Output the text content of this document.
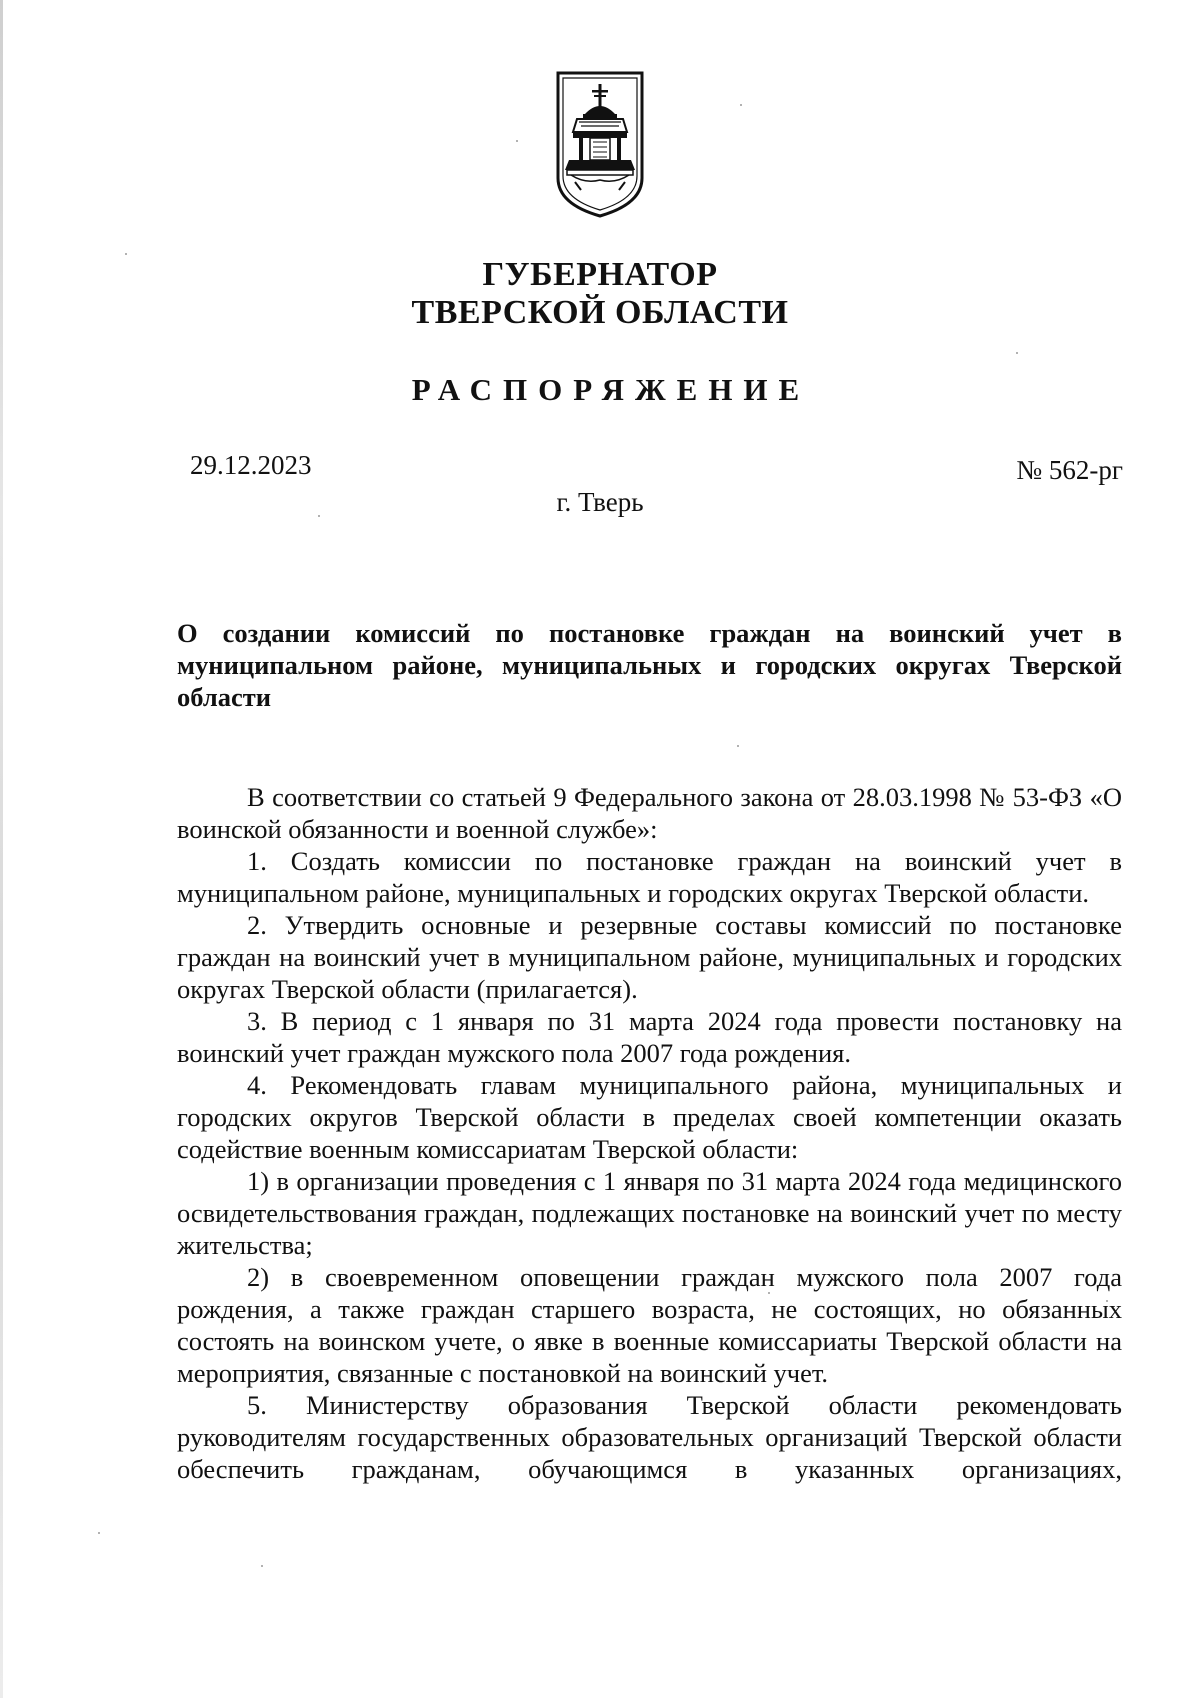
ГУБЕРНАТОР
ТВЕРСКОЙ ОБЛАСТИ
РАСПОРЯЖЕНИЕ
29.12.2023	№ 562-рг
г. Тверь
О создании комиссий по постановке граждан на воинский учет в муниципальном районе, муниципальных и городских округах Тверской области

В соответствии со статьей 9 Федерального закона от 28.03.1998 № 53-ФЗ «О воинской обязанности и военной службе»:

1. Создать комиссии по постановке граждан на воинский учет в муниципальном районе, муниципальных и городских округах Тверской области.

2. Утвердить основные и резервные составы комиссий по постановке граждан на воинский учет в муниципальном районе, муниципальных и городских округах Тверской области (прилагается).

3. В период с 1 января по 31 марта 2024 года провести постановку на воинский учет граждан мужского пола 2007 года рождения.

4. Рекомендовать главам муниципального района, муниципальных и городских округов Тверской области в пределах своей компетенции оказать содействие военным комиссариатам Тверской области:

1) в организации проведения с 1 января по 31 марта 2024 года медицинского освидетельствования граждан, подлежащих постановке на воинский учет по месту жительства;

2) в своевременном оповещении граждан мужского пола 2007 года рождения, а также граждан старшего возраста, не состоящих, но обязанных состоять на воинском учете, о явке в военные комиссариаты Тверской области на мероприятия, связанные с постановкой на воинский учет.

5. Министерству образования Тверской области рекомендовать руководителям государственных образовательных организаций Тверской области обеспечить гражданам, обучающимся в указанных организациях,
